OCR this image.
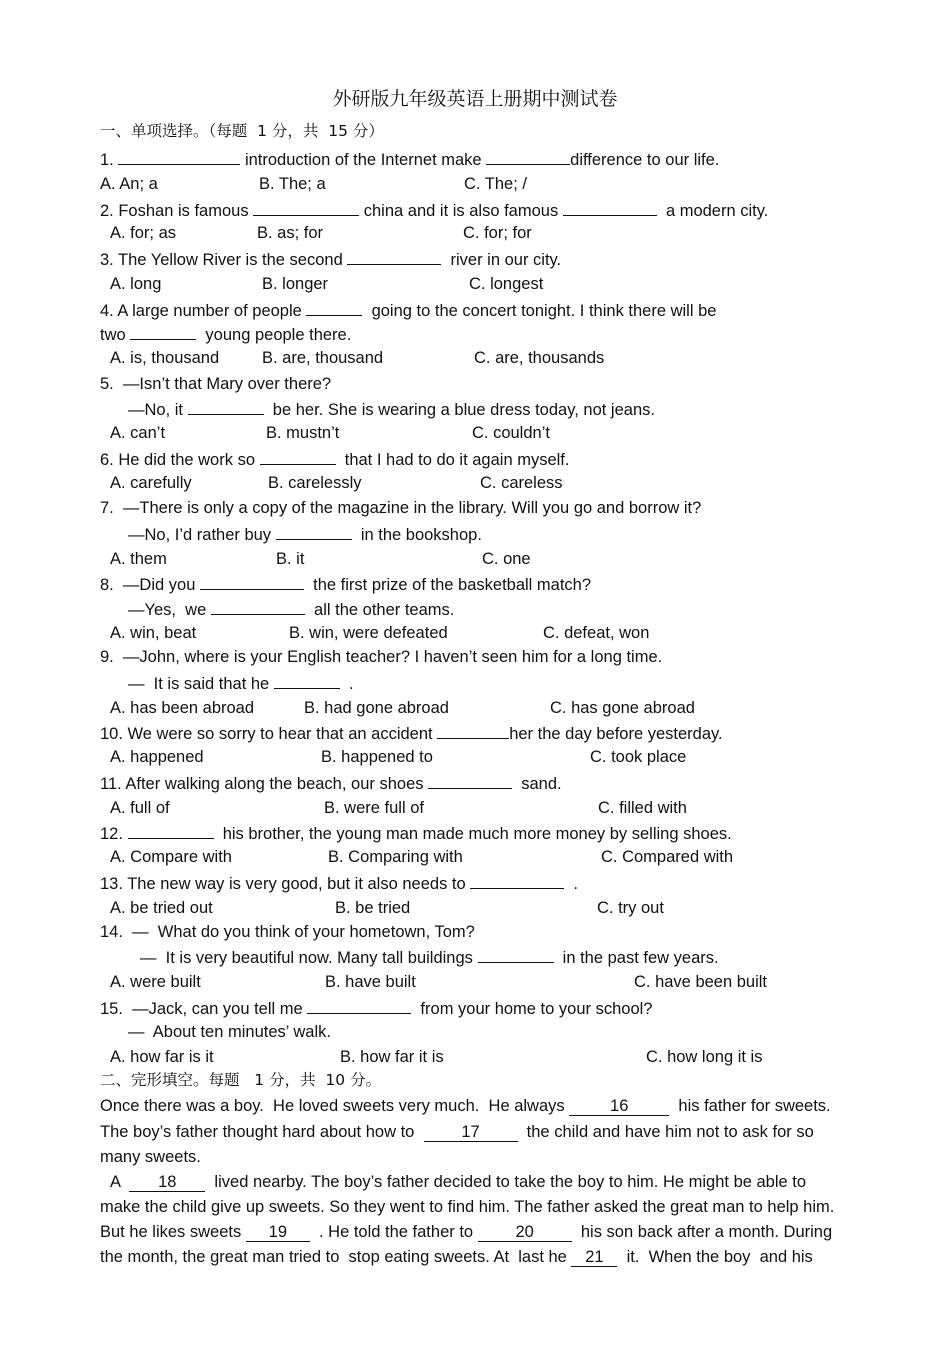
外研版九年级英语上册期中测试卷
一、单项选择。（每题  1 分，共  15 分）
1.	introduction of the Internet make	difference to our life.
A. An; a	B. The; a	C. The; /
2. Foshan is famous	china and it is also famous	a modern city.
A. for; as	B. as; for	C. for; for
3. The Yellow River is the second	river in our city.
A. long	B. longer	C. longest
4. A large number of people	going to the concert tonight. I think there will be
two	young people there.
A. is, thousand	B. are, thousand	C. are, thousands
5.  —Isn’t that Mary over there?
—No, it	be her. She is wearing a blue dress today, not jeans.
A. can’t	B. mustn’t	C. couldn’t
6. He did the work so	that I had to do it again myself.
A. carefully	B. carelessly	C. careless
7.  —There is only a copy of the magazine in the library. Will you go and borrow it?
—No, I’d rather buy	in the bookshop.
A. them	B. it	C. one
8.  —Did you	the first prize of the basketball match?
—Yes,  we	all the other teams.
A. win, beat	B. win, were defeated	C. defeat, won
9.  —John, where is your English teacher? I haven’t seen him for a long time.
—  It is said that he	.
A. has been abroad	B. had gone abroad	C. has gone abroad
10. We were so sorry to hear that an accident	her the day before yesterday.
A. happened	B. happened to	C. took place
11. After walking along the beach, our shoes	sand.
A. full of	B. were full of	C. filled with
12.	his brother, the young man made much more money by selling shoes.
A. Compare with	B. Comparing with	C. Compared with
13. The new way is very good, but it also needs to	.
A. be tried out	B. be tried	C. try out
14.  —  What do you think of your hometown, Tom?
—  It is very beautiful now. Many tall buildings	in the past few years.
A. were built	B. have built	C. have been built
15.  —Jack, can you tell me	from your home to your school?
—  About ten minutes’ walk.
A. how far is it	B. how far it is	C. how long it is
二、完形填空。每题   1 分，共  10 分。
Once there was a boy.  He loved sweets very much.  He always 16  his father for sweets.
The boy’s father thought hard about how to  17  the child and have him not to ask for so
many sweets.
A  18  lived nearby. The boy’s father decided to take the boy to him. He might be able to
make the child give up sweets. So they went to find him. The father asked the great man to help him.
But he likes sweets 19  . He told the father to 20  his son back after a month. During
the month, the great man tried to  stop eating sweets. At  last he 21  it.  When the boy  and his
